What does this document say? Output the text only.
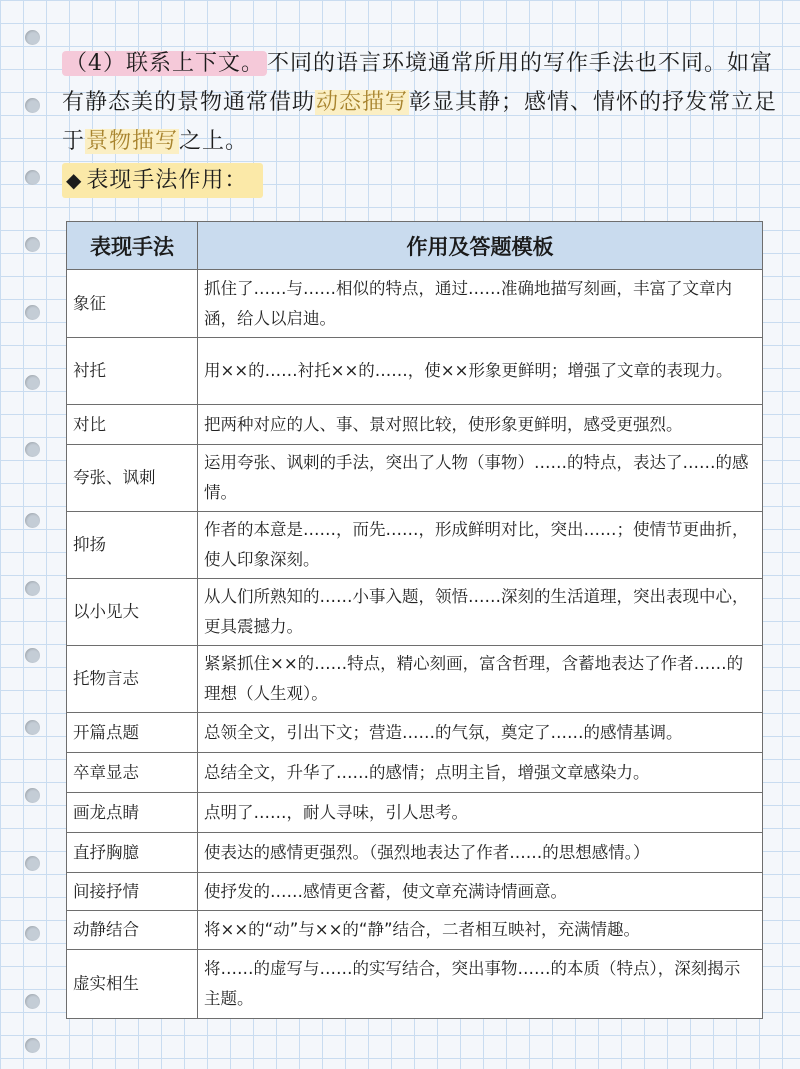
（4）联系上下文。 不同的语言环境通常所用的写作手法也不同。如富有静态美的景物通常借助动态描写彰显其静；感情、情怀的抒发常立足于景物描写之上。

◆ 表现手法作用：
表现手法	作用及答题模板
象征	抓住了……与……相似的特点，通过……准确地描写刻画，丰富了文章内涵，给人以启迪。
衬托	用××的……衬托××的……，使××形象更鲜明；增强了文章的表现力。
对比	把两种对应的人、事、景对照比较，使形象更鲜明，感受更强烈。
夸张、讽刺	运用夸张、讽刺的手法，突出了人物（事物）……的特点，表达了……的感情。
抑扬	作者的本意是……，而先……，形成鲜明对比，突出……；使情节更曲折，使人印象深刻。
以小见大	从人们所熟知的……小事入题，领悟……深刻的生活道理，突出表现中心，更具震撼力。
托物言志	紧紧抓住××的……特点，精心刻画，富含哲理，含蓄地表达了作者……的理想（人生观）。
开篇点题	总领全文，引出下文；营造……的气氛，奠定了……的感情基调。
卒章显志	总结全文，升华了……的感情；点明主旨，增强文章感染力。
画龙点睛	点明了……，耐人寻味，引人思考。
直抒胸臆	使表达的感情更强烈。（强烈地表达了作者……的思想感情。）
间接抒情	使抒发的……感情更含蓄，使文章充满诗情画意。
动静结合	将××的“动”与××的“静”结合，二者相互映衬，充满情趣。
虚实相生	将……的虚写与……的实写结合，突出事物……的本质（特点），深刻揭示主题。
